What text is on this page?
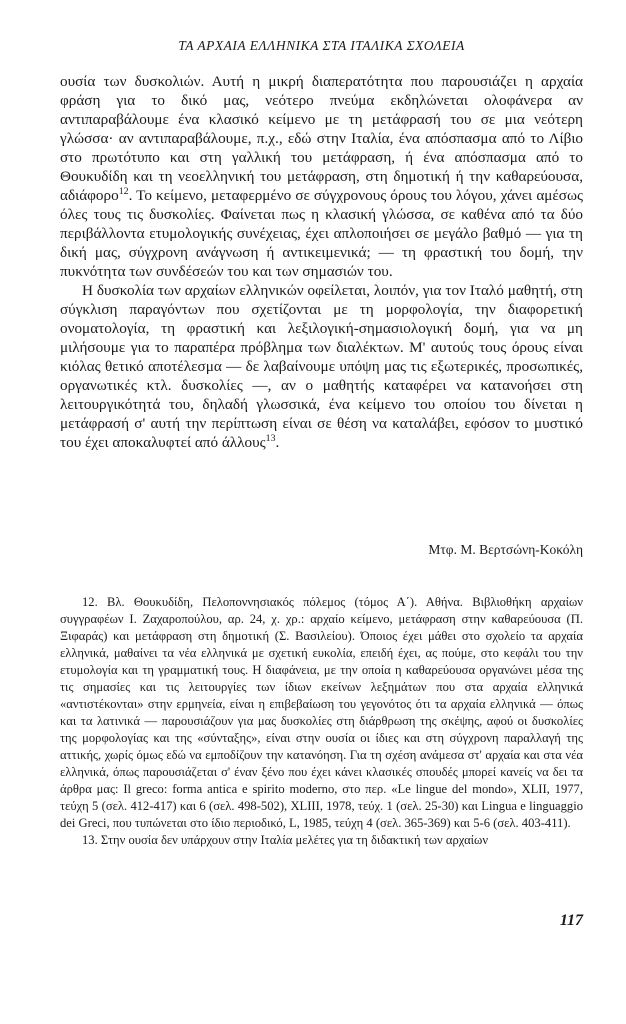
ΤΑ ΑΡΧΑΙΑ ΕΛΛΗΝΙΚΑ ΣΤΑ ΙΤΑΛΙΚΑ ΣΧΟΛΕΙΑ

ουσία των δυσκολιών. Αυτή η μικρή διαπερατότητα που παρουσιάζει η αρχαία φράση για το δικό μας, νεότερο πνεύμα εκδηλώνεται ολοφάνερα αν αντιπαραβάλουμε ένα κλασικό κείμενο με τη μετάφρασή του σε μια νεότερη γλώσσα· αν αντιπαραβάλουμε, π.χ., εδώ στην Ιταλία, ένα απόσπασμα από το Λίβιο στο πρωτότυπο και στη γαλλική του μετάφραση, ή ένα απόσπασμα από το Θουκυδίδη και τη νεοελληνική του μετάφραση, στη δημοτική ή την καθαρεύουσα, αδιάφορο$^{12}$. Το κείμενο, μεταφερμένο σε σύγχρονους όρους του λόγου, χάνει αμέσως όλες τους τις δυσκολίες. Φαίνεται πως η κλασική γλώσσα, σε καθένα από τα δύο περιβάλλοντα ετυμολογικής συνέχειας, έχει απλοποιήσει σε μεγάλο βαθμό — για τη δική μας, σύγχρονη ανάγνωση ή αντικειμενικά; — τη φραστική του δομή, την πυκνότητα των συνδέσεών του και των σημασιών του.

Η δυσκολία των αρχαίων ελληνικών οφείλεται, λοιπόν, για τον Ιταλό μαθητή, στη σύγκλιση παραγόντων που σχετίζονται με τη μορφολογία, την διαφορετική ονοματολογία, τη φραστική και λεξιλογική-σημασιολογική δομή, για να μη μιλήσουμε για το παραπέρα πρόβλημα των διαλέκτων. Μ' αυτούς τους όρους είναι κιόλας θετικό αποτέλεσμα — δε λαβαίνουμε υπόψη μας τις εξωτερικές, προσωπικές, οργανωτικές κτλ. δυσκολίες —, αν ο μαθητής καταφέρει να κατανοήσει στη λειτουργικότητά του, δηλαδή γλωσσικά, ένα κείμενο του οποίου του δίνεται η μετάφρασή σ' αυτή την περίπτωση είναι σε θέση να καταλάβει, εφόσον το μυστικό του έχει αποκαλυφτεί από άλλους$^{13}$.

Μτφ. Μ. Βερτσώνη-Κοκόλη

12. Βλ. Θουκυδίδη, Πελοποννησιακός πόλεμος (τόμος Α΄). Αθήνα. Βιβλιοθήκη αρχαίων συγγραφέων Ι. Ζαχαροπούλου, αρ. 24, χ. χρ.: αρχαίο κείμενο, μετάφραση στην καθαρεύουσα (Π. Ξιφαράς) και μετάφραση στη δημοτική (Σ. Βασιλείου). Όποιος έχει μάθει στο σχολείο τα αρχαία ελληνικά, μαθαίνει τα νέα ελληνικά με σχετική ευκολία, επειδή έχει, ας πούμε, στο κεφάλι του την ετυμολογία και τη γραμματική τους. Η διαφάνεια, με την οποία η καθαρεύουσα οργανώνει μέσα της τις σημασίες και τις λειτουργίες των ίδιων εκείνων λεξημάτων που στα αρχαία ελληνικά «αντιστέκονται» στην ερμηνεία, είναι η επιβεβαίωση του γεγονότος ότι τα αρχαία ελληνικά — όπως και τα λατινικά — παρουσιάζουν για μας δυσκολίες στη διάρθρωση της σκέψης, αφού οι δυσκολίες της μορφολογίας και της «σύνταξης», είναι στην ουσία οι ίδιες και στη σύγχρονη παραλλαγή της αττικής, χωρίς όμως εδώ να εμποδίζουν την κατανόηση. Για τη σχέση ανάμεσα στ' αρχαία και στα νέα ελληνικά, όπως παρουσιάζεται σ' έναν ξένο που έχει κάνει κλασικές σπουδές μπορεί κανείς να δει τα άρθρα μας: Il greco: forma antica e spirito moderno, στο περ. «Le lingue del mondo», XLII, 1977, τεύχη 5 (σελ. 412-417) και 6 (σελ. 498-502), XLIII, 1978, τεύχ. 1 (σελ. 25-30) και Lingua e linguaggio dei Greci, που τυπώνεται στο ίδιο περιοδικό, L, 1985, τεύχη 4 (σελ. 365-369) και 5-6 (σελ. 403-411).

13. Στην ουσία δεν υπάρχουν στην Ιταλία μελέτες για τη διδακτική των αρχαίων

117
